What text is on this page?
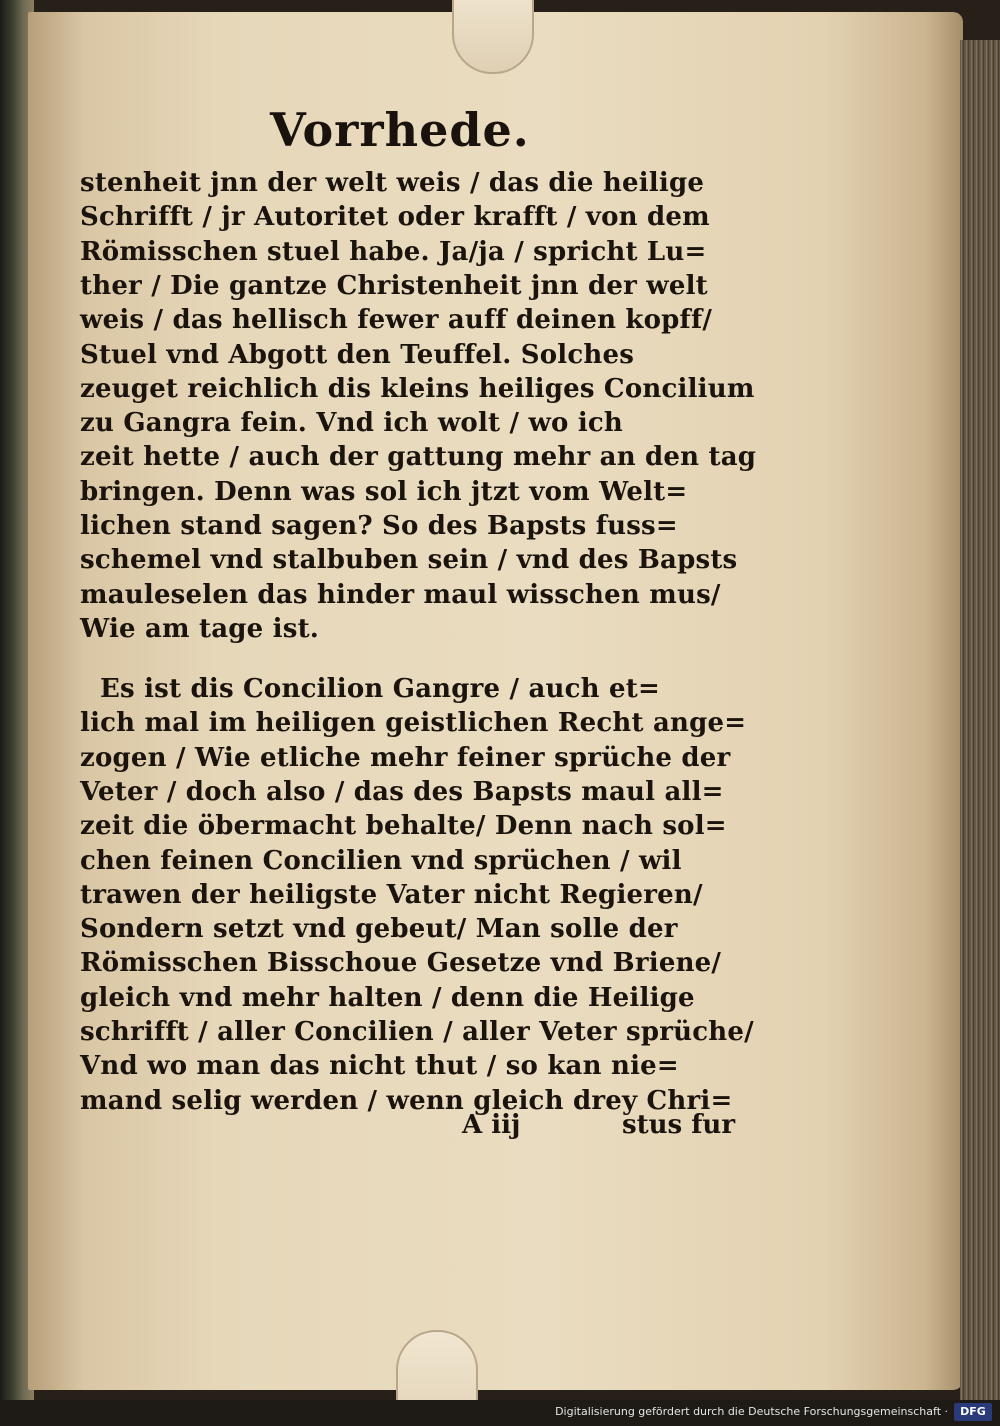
Vorrhede.
stenheit jnn der welt weis / das die heilige
Schrifft / jr Autoritet oder krafft / von dem
Römisschen stuel habe. Ja/ja / spricht Lu=
ther / Die gantze Christenheit jnn der welt
weis / das hellisch fewer auff deinen kopff/
Stuel vnd Abgott den Teuffel. Solches
zeuget reichlich dis kleins heiliges Concilium
zu Gangra fein. Vnd ich wolt / wo ich
zeit hette / auch der gattung mehr an den tag
bringen. Denn was sol ich jtzt vom Welt=
lichen stand sagen? So des Bapsts fuss=
schemel vnd stalbuben sein / vnd des Bapsts
mauleselen das hinder maul wisschen mus/
Wie am tage ist.
Es ist dis Concilion Gangre / auch et=
lich mal im heiligen geistlichen Recht ange=
zogen / Wie etliche mehr feiner sprüche der
Veter / doch also / das des Bapsts maul all=
zeit die öbermacht behalte/ Denn nach sol=
chen feinen Concilien vnd sprüchen / wil
trawen der heiligste Vater nicht Regieren/
Sondern setzt vnd gebeut/ Man solle der
Römisschen Bisschoue Gesetze vnd Briene/
gleich vnd mehr halten / denn die Heilige
schrifft / aller Concilien / aller Veter sprüche/
Vnd wo man das nicht thut / so kan nie=
mand selig werden / wenn gleich drey Chri=
A iij	stus fur
Digitalisierung gefördert durch die Deutsche Forschungsgemeinschaft ·	DFG
